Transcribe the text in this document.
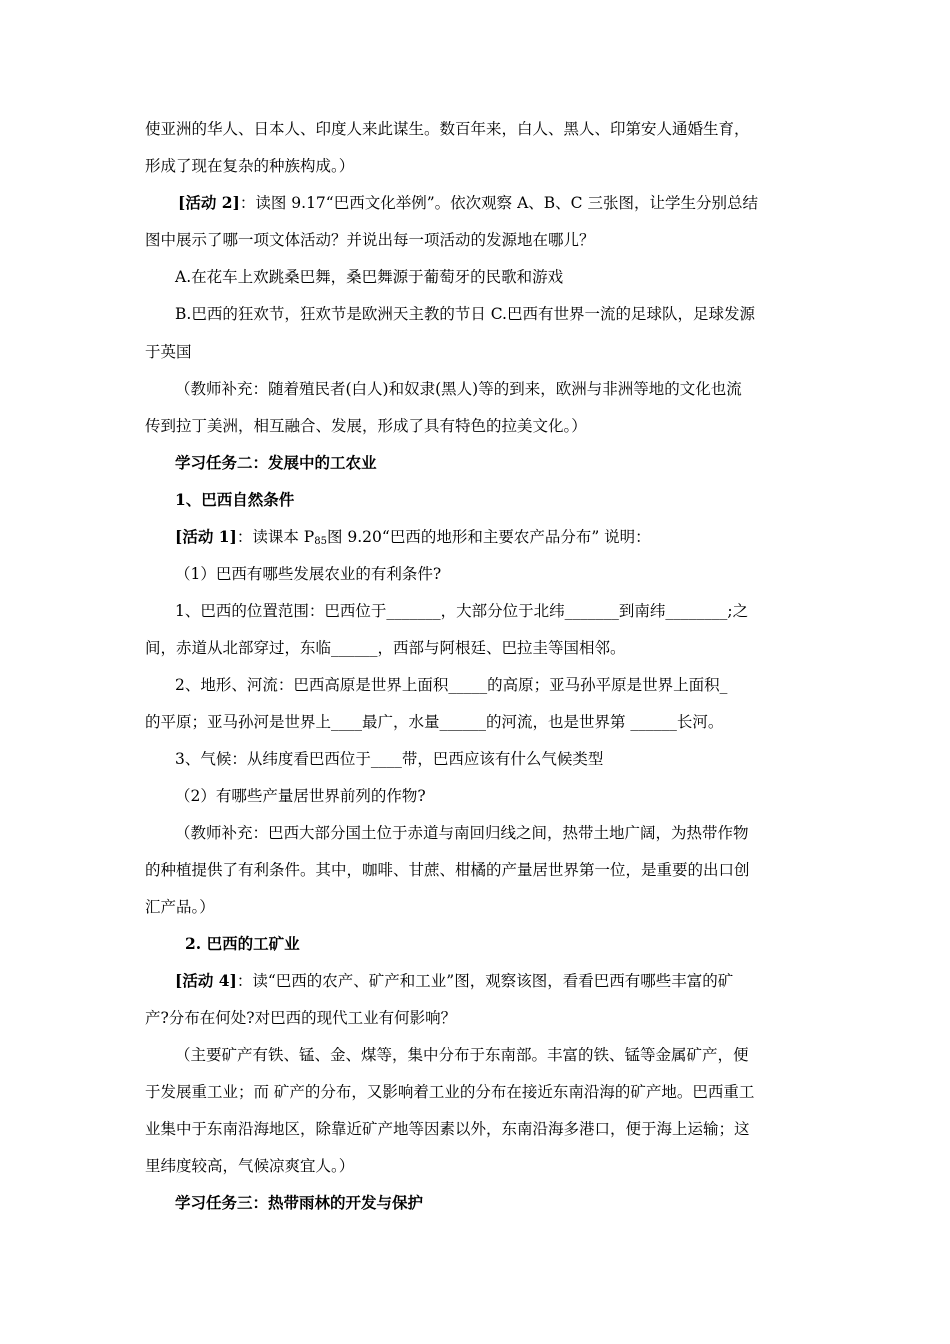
使亚洲的华人、日本人、印度人来此谋生。数百年来，白人、黑人、印第安人通婚生育，
形成了现在复杂的种族构成。）
[活动 2]：读图 9.17“巴西文化举例”。依次观察 A、B、C 三张图，让学生分别总结
图中展示了哪一项文体活动？并说出每一项活动的发源地在哪儿？
A.在花车上欢跳桑巴舞，桑巴舞源于葡萄牙的民歌和游戏
B.巴西的狂欢节，狂欢节是欧洲天主教的节日 C.巴西有世界一流的足球队，足球发源
于英国
（教师补充：随着殖民者(白人)和奴隶(黑人)等的到来，欧洲与非洲等地的文化也流
传到拉丁美洲，相互融合、发展，形成了具有特色的拉美文化。）
学习任务二：发展中的工农业
1、巴西自然条件
[活动 1]：读课本 $P_{85}$图 9.20“巴西的地形和主要农产品分布” 说明：
（1）巴西有哪些发展农业的有利条件?
1、巴西的位置范围：巴西位于_______，大部分位于北纬_______到南纬________;之
间，赤道从北部穿过，东临______，西部与阿根廷、巴拉圭等国相邻。
2、地形、河流：巴西高原是世界上面积_____的高原；亚马孙平原是世界上面积_
的平原；亚马孙河是世界上____最广，水量______的河流，也是世界第 ______长河。
3、气候：从纬度看巴西位于____带，巴西应该有什么气候类型
（2）有哪些产量居世界前列的作物?
（教师补充：巴西大部分国土位于赤道与南回归线之间，热带土地广阔，为热带作物
的种植提供了有利条件。其中，咖啡、甘蔗、柑橘的产量居世界第一位，是重要的出口创
汇产品。）
2. 巴西的工矿业
[活动 4]：读“巴西的农产、矿产和工业”图，观察该图，看看巴西有哪些丰富的矿
产?分布在何处?对巴西的现代工业有何影响？
（主要矿产有铁、锰、金、煤等，集中分布于东南部。丰富的铁、锰等金属矿产，便
于发展重工业；而 矿产的分布，又影响着工业的分布在接近东南沿海的矿产地。巴西重工
业集中于东南沿海地区，除靠近矿产地等因素以外，东南沿海多港口，便于海上运输；这
里纬度较高，气候凉爽宜人。）
学习任务三：热带雨林的开发与保护
